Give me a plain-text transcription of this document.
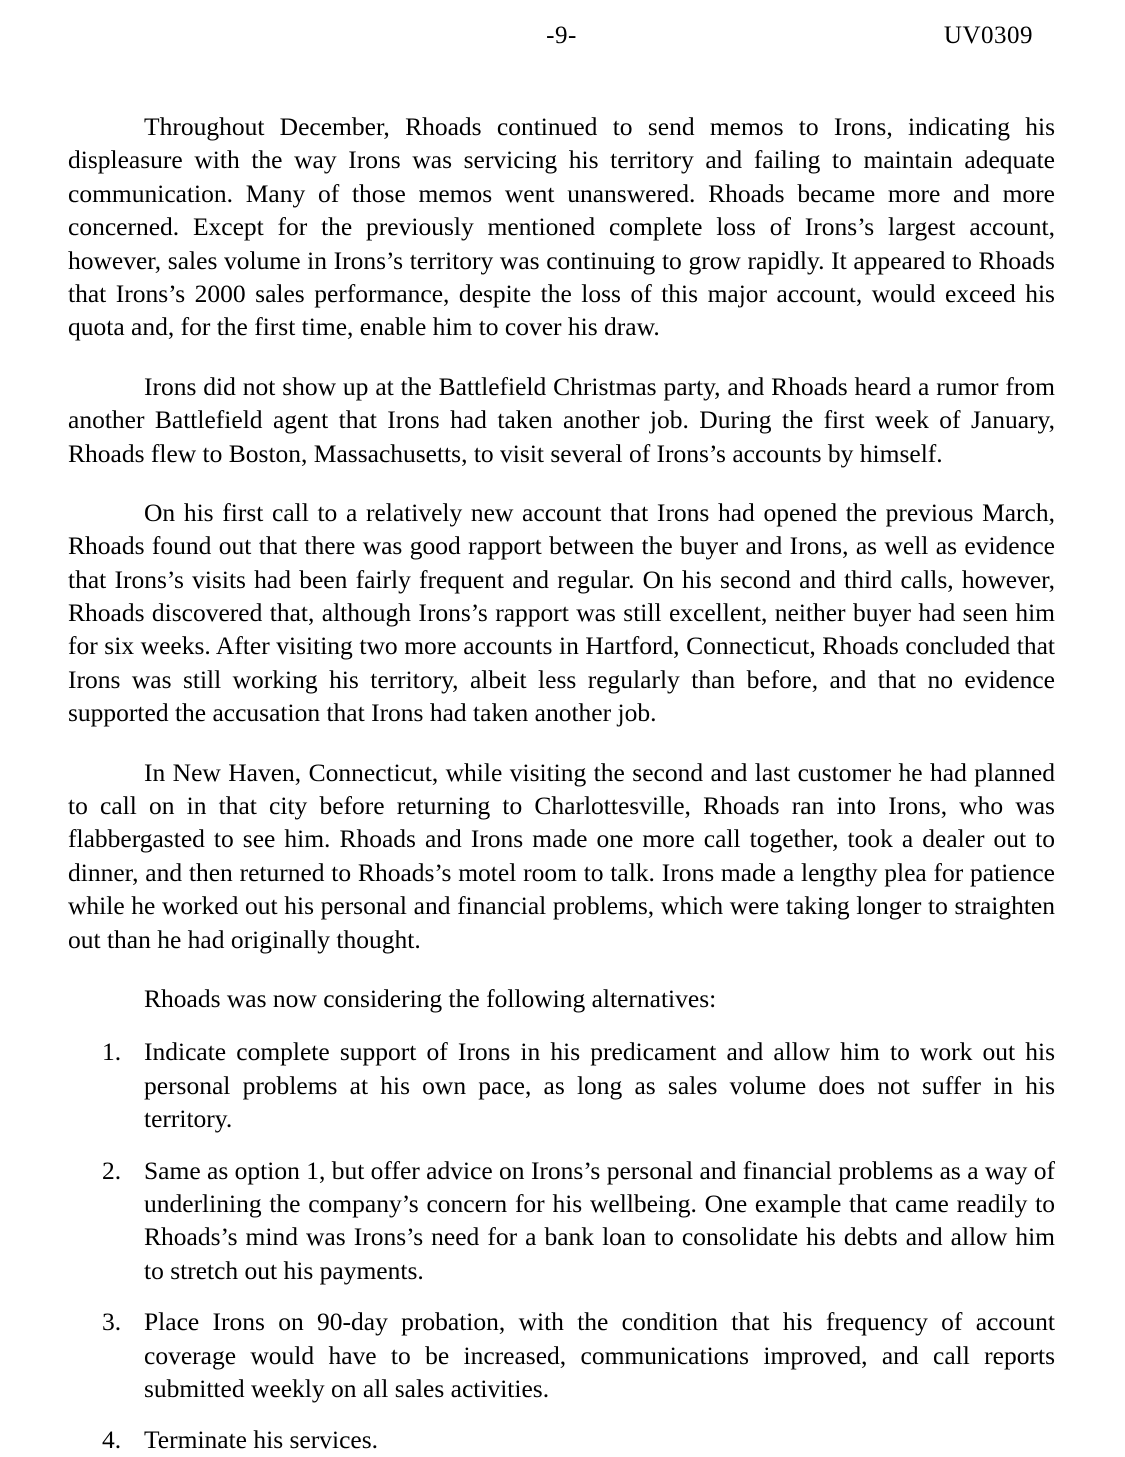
-9-	UV0309

Throughout December, Rhoads continued to send memos to Irons, indicating his displeasure with the way Irons was servicing his territory and failing to maintain adequate communication. Many of those memos went unanswered. Rhoads became more and more concerned. Except for the previously mentioned complete loss of Irons’s largest account, however, sales volume in Irons’s territory was continuing to grow rapidly. It appeared to Rhoads that Irons’s 2000 sales performance, despite the loss of this major account, would exceed his quota and, for the first time, enable him to cover his draw.

Irons did not show up at the Battlefield Christmas party, and Rhoads heard a rumor from another Battlefield agent that Irons had taken another job. During the first week of January, Rhoads flew to Boston, Massachusetts, to visit several of Irons’s accounts by himself.

On his first call to a relatively new account that Irons had opened the previous March, Rhoads found out that there was good rapport between the buyer and Irons, as well as evidence that Irons’s visits had been fairly frequent and regular. On his second and third calls, however, Rhoads discovered that, although Irons’s rapport was still excellent, neither buyer had seen him for six weeks. After visiting two more accounts in Hartford, Connecticut, Rhoads concluded that Irons was still working his territory, albeit less regularly than before, and that no evidence supported the accusation that Irons had taken another job.

In New Haven, Connecticut, while visiting the second and last customer he had planned to call on in that city before returning to Charlottesville, Rhoads ran into Irons, who was flabbergasted to see him. Rhoads and Irons made one more call together, took a dealer out to dinner, and then returned to Rhoads’s motel room to talk. Irons made a lengthy plea for patience while he worked out his personal and financial problems, which were taking longer to straighten out than he had originally thought.

Rhoads was now considering the following alternatives:

1. Indicate complete support of Irons in his predicament and allow him to work out his personal problems at his own pace, as long as sales volume does not suffer in his territory.
2. Same as option 1, but offer advice on Irons’s personal and financial problems as a way of underlining the company’s concern for his wellbeing. One example that came readily to Rhoads’s mind was Irons’s need for a bank loan to consolidate his debts and allow him to stretch out his payments.
3. Place Irons on 90-day probation, with the condition that his frequency of account coverage would have to be increased, communications improved, and call reports submitted weekly on all sales activities.
4. Terminate his services.
